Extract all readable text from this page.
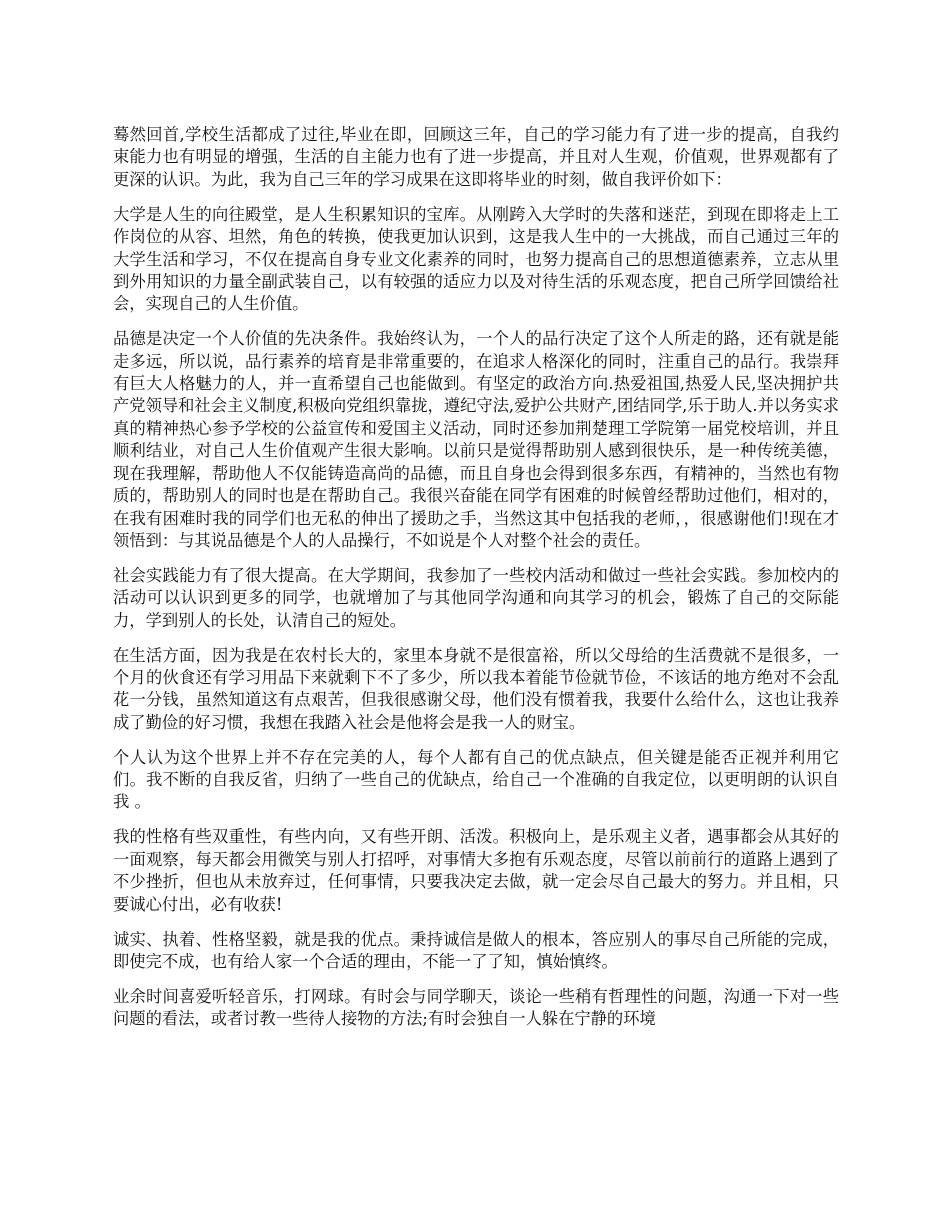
蓦然回首,学校生活都成了过往,毕业在即，回顾这三年，自己的学习能力有了进一步的提高，自我约束能力也有明显的增强，生活的自主能力也有了进一步提高，并且对人生观，价值观，世界观都有了更深的认识。为此，我为自己三年的学习成果在这即将毕业的时刻，做自我评价如下：

大学是人生的向往殿堂，是人生积累知识的宝库。从刚跨入大学时的失落和迷茫，到现在即将走上工作岗位的从容、坦然，角色的转换，使我更加认识到，这是我人生中的一大挑战，而自己通过三年的大学生活和学习，不仅在提高自身专业文化素养的同时，也努力提高自己的思想道德素养，立志从里到外用知识的力量全副武装自己，以有较强的适应力以及对待生活的乐观态度，把自己所学回馈给社会，实现自己的人生价值。

品德是决定一个人价值的先决条件。我始终认为，一个人的品行决定了这个人所走的路，还有就是能走多远，所以说，品行素养的培育是非常重要的，在追求人格深化的同时，注重自己的品行。我崇拜有巨大人格魅力的人，并一直希望自己也能做到。有坚定的政治方向.热爱祖国,热爱人民,坚决拥护共产党领导和社会主义制度,积极向党组织靠拢，遵纪守法,爱护公共财产,团结同学,乐于助人.并以务实求真的精神热心参予学校的公益宣传和爱国主义活动，同时还参加荆楚理工学院第一届党校培训，并且顺利结业，对自己人生价值观产生很大影响。以前只是觉得帮助别人感到很快乐，是一种传统美德，现在我理解，帮助他人不仅能铸造高尚的品德，而且自身也会得到很多东西，有精神的，当然也有物质的，帮助别人的同时也是在帮助自己。我很兴奋能在同学有困难的时候曾经帮助过他们，相对的，在我有困难时我的同学们也无私的伸出了援助之手，当然这其中包括我的老师，，很感谢他们!现在才领悟到：与其说品德是个人的人品操行，不如说是个人对整个社会的责任。

社会实践能力有了很大提高。在大学期间，我参加了一些校内活动和做过一些社会实践。参加校内的活动可以认识到更多的同学，也就增加了与其他同学沟通和向其学习的机会，锻炼了自己的交际能力，学到别人的长处，认清自己的短处。

在生活方面，因为我是在农村长大的，家里本身就不是很富裕，所以父母给的生活费就不是很多，一个月的伙食还有学习用品下来就剩下不了多少，所以我本着能节俭就节俭，不该话的地方绝对不会乱花一分钱，虽然知道这有点艰苦，但我很感谢父母，他们没有惯着我，我要什么给什么，这也让我养成了勤俭的好习惯，我想在我踏入社会是他将会是我一人的财宝。

个人认为这个世界上并不存在完美的人，每个人都有自己的优点缺点，但关键是能否正视并利用它们。我不断的自我反省，归纳了一些自己的优缺点，给自己一个准确的自我定位，以更明朗的认识自我 。

我的性格有些双重性，有些内向，又有些开朗、活泼。积极向上，是乐观主义者，遇事都会从其好的一面观察，每天都会用微笑与别人打招呼，对事情大多抱有乐观态度，尽管以前前行的道路上遇到了不少挫折，但也从未放弃过，任何事情，只要我决定去做，就一定会尽自己最大的努力。并且相，只要诚心付出，必有收获!

诚实、执着、性格坚毅，就是我的优点。秉持诚信是做人的根本，答应别人的事尽自己所能的完成，即使完不成，也有给人家一个合适的理由，不能一了了知，慎始慎终。

业余时间喜爱听轻音乐，打网球。有时会与同学聊天，谈论一些稍有哲理性的问题，沟通一下对一些问题的看法，或者讨教一些待人接物的方法;有时会独自一人躲在宁静的环境
